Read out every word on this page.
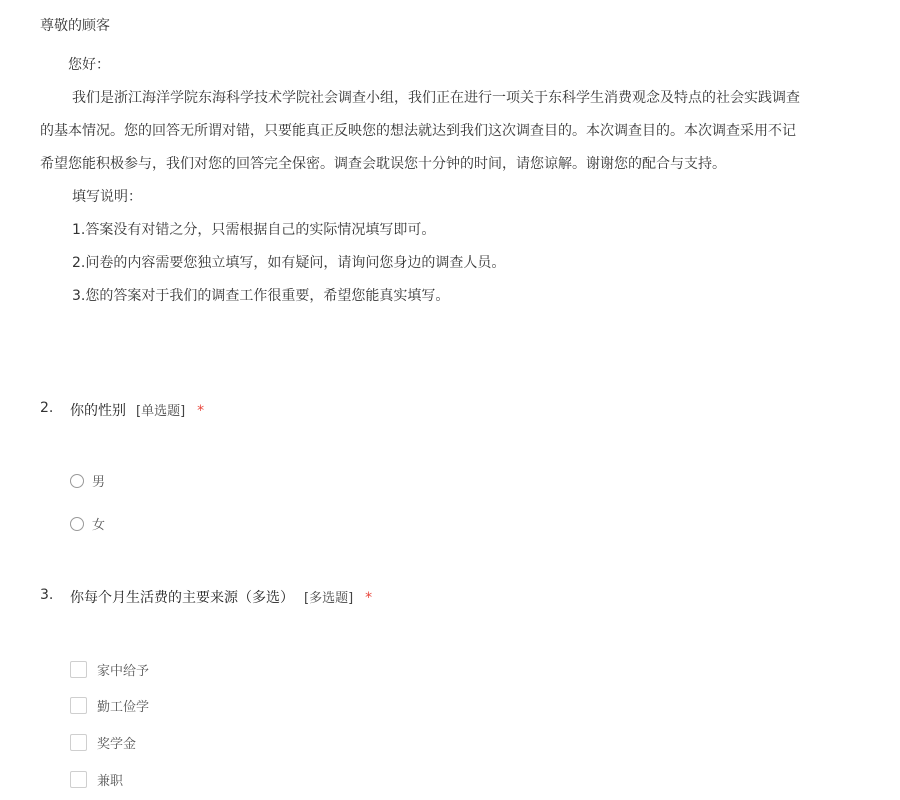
尊敬的顾客
您好：
我们是浙江海洋学院东海科学技术学院社会调查小组，我们正在进行一项关于东科学生消费观念及特点的社会实践调查
的基本情况。您的回答无所谓对错，只要能真正反映您的想法就达到我们这次调查目的。本次调查目的。本次调查采用不记
希望您能积极参与，我们对您的回答完全保密。调查会耽误您十分钟的时间，请您谅解。谢谢您的配合与支持。
填写说明：
1.答案没有对错之分，只需根据自己的实际情况填写即可。
2.问卷的内容需要您独立填写，如有疑问，请询问您身边的调查人员。
3.您的答案对于我们的调查工作很重要，希望您能真实填写。
2. 你的性别 [单选题] *
男
女
3. 你每个月生活费的主要来源（多选） [多选题] *
家中给予
勤工俭学
奖学金
兼职
